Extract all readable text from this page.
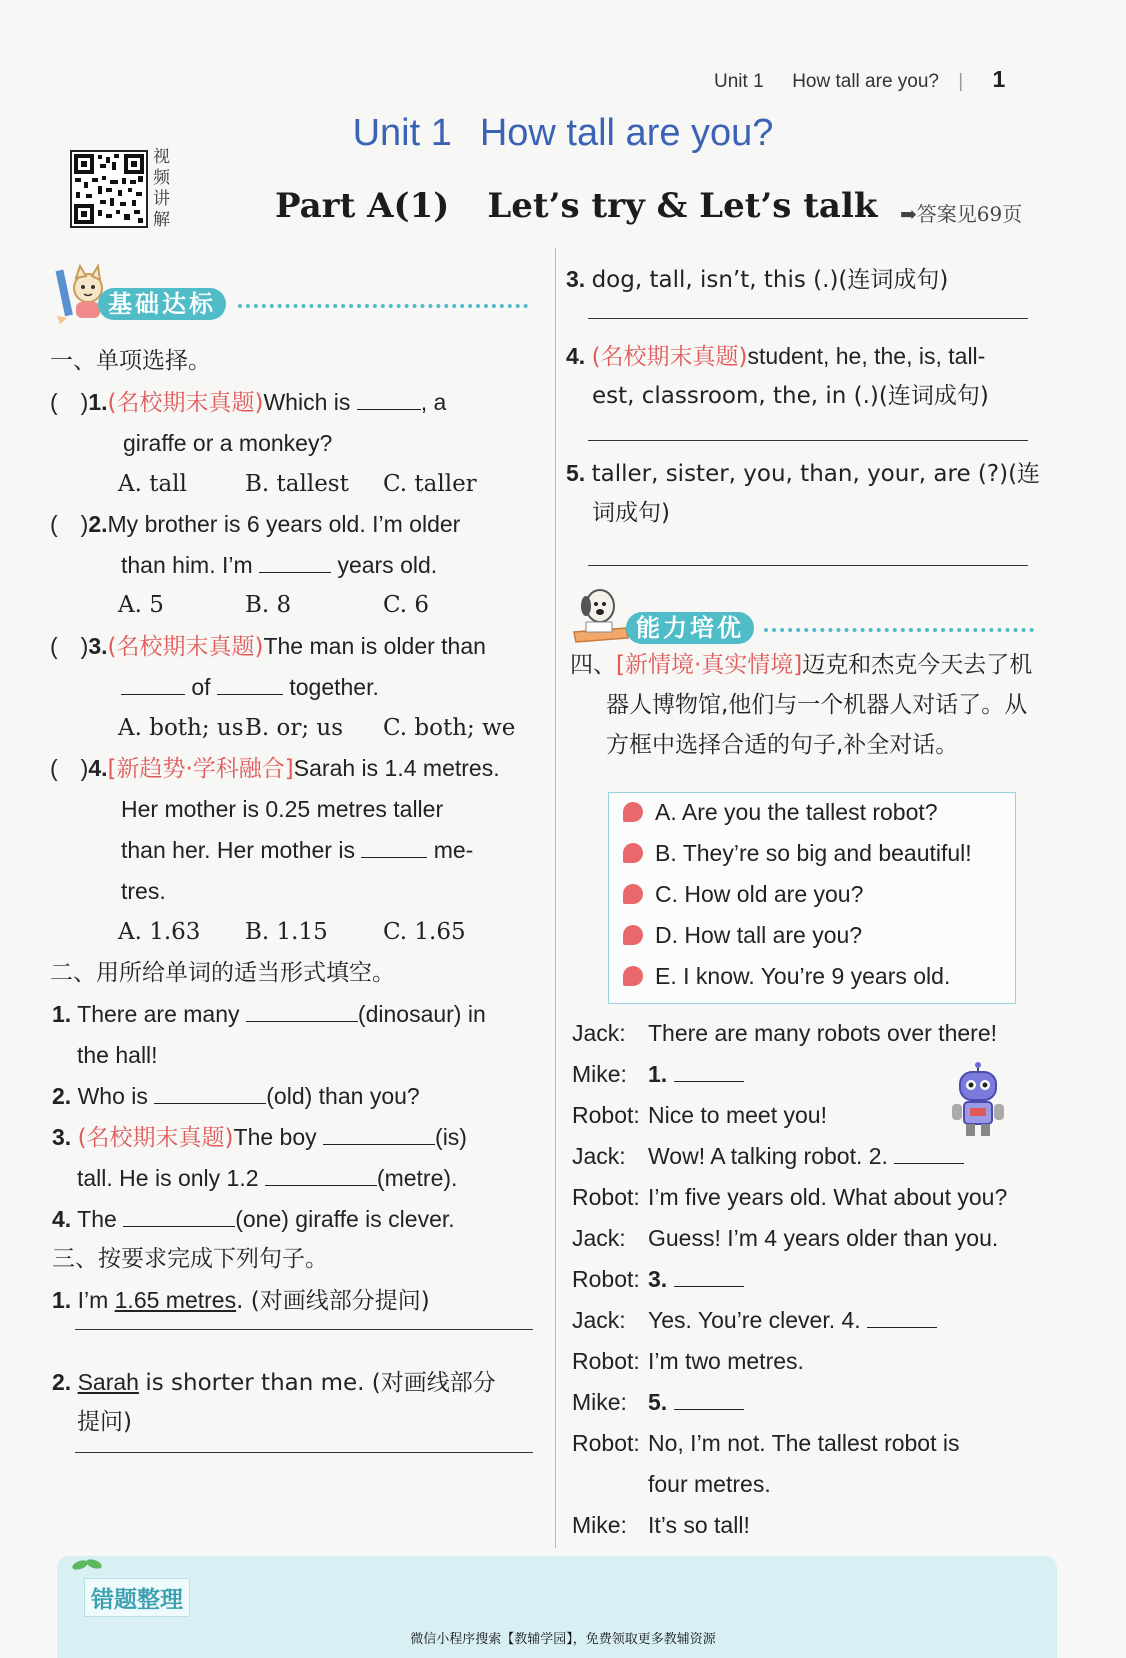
Unit 1 How tall are you? | 1
Unit 1 How tall are you?
Part A(1) Let’s try & Let’s talk ➡答案见69页
视频讲解
基础达标
一、单项选择。
(　)1.(名校期末真题)Which is	, a
giraffe or a monkey?
A. tall	B. tallest C. taller
(　)2.My brother is 6 years old. I’m older
than him. I’m	years old.
A. 5	B. 8	C. 6
(　)3.(名校期末真题)The man is older than
of	together.
A. both; us B. or; us C. both; we
(　)4.[新趋势·学科融合]Sarah is 1.4 metres.
Her mother is 0.25 metres taller
than her. Her mother is	me-
tres.
A. 1.63 B. 1.15 C. 1.65
二、用所给单词的适当形式填空。
1. There are many	(dinosaur) in
the hall!
2. Who is	(old) than you?
3. (名校期末真题)The boy	(is)
tall. He is only 1.2	(metre).
4. The	(one) giraffe is clever.
三、按要求完成下列句子。
1. I’m 1.65 metres. (对画线部分提问)
2. Sarah is shorter than me. (对画线部分
提问)
3. dog, tall, isn’t, this (.)(连词成句)
4. (名校期末真题)student, he, the, is, tall-
est, classroom, the, in (.)(连词成句)
5. taller, sister, you, than, your, are (?)(连
词成句)
能力培优
四、[新情境·真实情境]迈克和杰克今天去了机
器人博物馆,他们与一个机器人对话了。从
方框中选择合适的句子,补全对话。
A. Are you the tallest robot?
B. They’re so big and beautiful!
C. How old are you?
D. How tall are you?
E. I know. You’re 9 years old.
Jack: There are many robots over there!
Mike: 1.
Robot: Nice to meet you!
Jack: Wow! A talking robot. 2.
Robot: I’m five years old. What about you?
Jack: Guess! I’m 4 years older than you.
Robot: 3.
Jack: Yes. You’re clever. 4.
Robot: I’m two metres.
Mike: 5.
Robot: No, I’m not. The tallest robot is
four metres.
Mike: It’s so tall!
错题整理
微信小程序搜索【教辅学园】，免费领取更多教辅资源
